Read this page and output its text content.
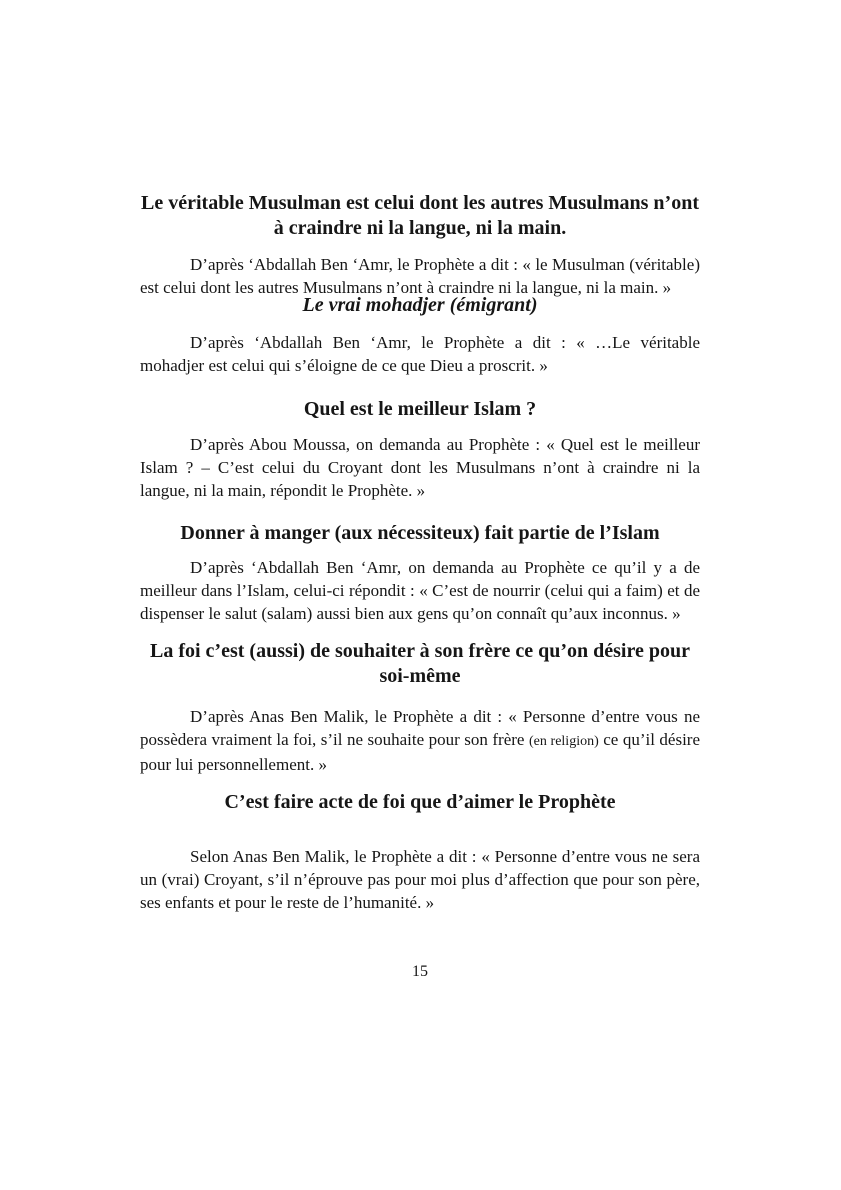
Le véritable Musulman est celui dont les autres Musulmans n’ont à craindre ni la langue, ni la main.

D’après ‘Abdallah Ben ‘Amr, le Prophète a dit : « le Musulman (véritable) est celui dont les autres Musulmans n’ont à craindre ni la langue, ni la main. »

Le vrai mohadjer (émigrant)

D’après ‘Abdallah Ben ‘Amr, le Prophète a dit : « …Le véritable mohadjer est celui qui s’éloigne de ce que Dieu a proscrit. »

Quel est le meilleur Islam ?

D’après Abou Moussa, on demanda au Prophète : « Quel est le meilleur Islam ? – C’est celui du Croyant dont les Musulmans n’ont à craindre ni la langue, ni la main, répondit le Prophète. »

Donner à manger (aux nécessiteux) fait partie de l’Islam

D’après ‘Abdallah Ben ‘Amr, on demanda au Prophète ce qu’il y a de meilleur dans l’Islam, celui-ci répondit : « C’est de nourrir (celui qui a faim) et de dispenser le salut (salam) aussi bien aux gens qu’on connaît qu’aux inconnus. »

La foi c’est (aussi) de souhaiter à son frère ce qu’on désire pour soi-même

D’après Anas Ben Malik, le Prophète a dit : « Personne d’entre vous ne possèdera vraiment la foi, s’il ne souhaite pour son frère (en religion) ce qu’il désire pour lui personnellement. »

C’est faire acte de foi que d’aimer le Prophète

Selon Anas Ben Malik, le Prophète a dit : « Personne d’entre vous ne sera un (vrai) Croyant, s’il n’éprouve pas pour moi plus d’affection que pour son père, ses enfants et pour le reste de l’humanité. »

15
